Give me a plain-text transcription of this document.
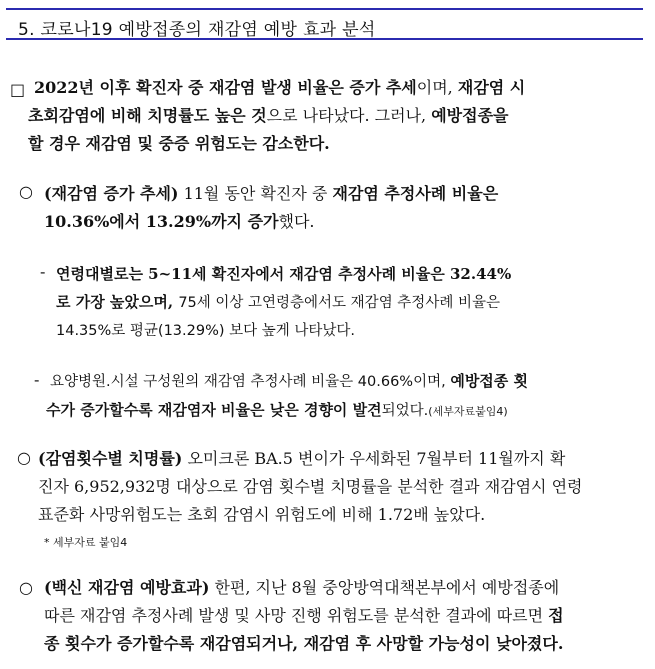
5. 코로나19 예방접종의 재감염 예방 효과 분석
□ 2022년 이후 확진자 중 재감염 발생 비율은 증가 추세이며, 재감염 시
초회감염에 비해 치명률도 높은 것으로 나타났다. 그러나, 예방접종을
할 경우 재감염 및 중증 위험도는 감소한다.
○ (재감염 증가 추세) 11월 동안 확진자 중 재감염 추정사례 비율은
10.36%에서 13.29%까지 증가했다.
- 연령대별로는 5~11세 확진자에서 재감염 추정사례 비율은 32.44%
로 가장 높았으며, 75세 이상 고연령층에서도 재감염 추정사례 비율은
14.35%로 평균(13.29%) 보다 높게 나타났다.
- 요양병원.시설 구성원의 재감염 추정사례 비율은 40.66%이며, 예방접종 횟
수가 증가할수록 재감염자 비율은 낮은 경향이 발견되었다.(세부자료붙임4)
○ (감염횟수별 치명률) 오미크론 BA.5 변이가 우세화된 7월부터 11월까지 확
진자 6,952,932명 대상으로 감염 횟수별 치명률을 분석한 결과 재감염시 연령
표준화 사망위험도는 초회 감염시 위험도에 비해 1.72배 높았다.
* 세부자료 붙임4
○ (백신 재감염 예방효과) 한편, 지난 8월 중앙방역대책본부에서 예방접종에
따른 재감염 추정사례 발생 및 사망 진행 위험도를 분석한 결과에 따르면 접
종 횟수가 증가할수록 재감염되거나, 재감염 후 사망할 가능성이 낮아졌다.
